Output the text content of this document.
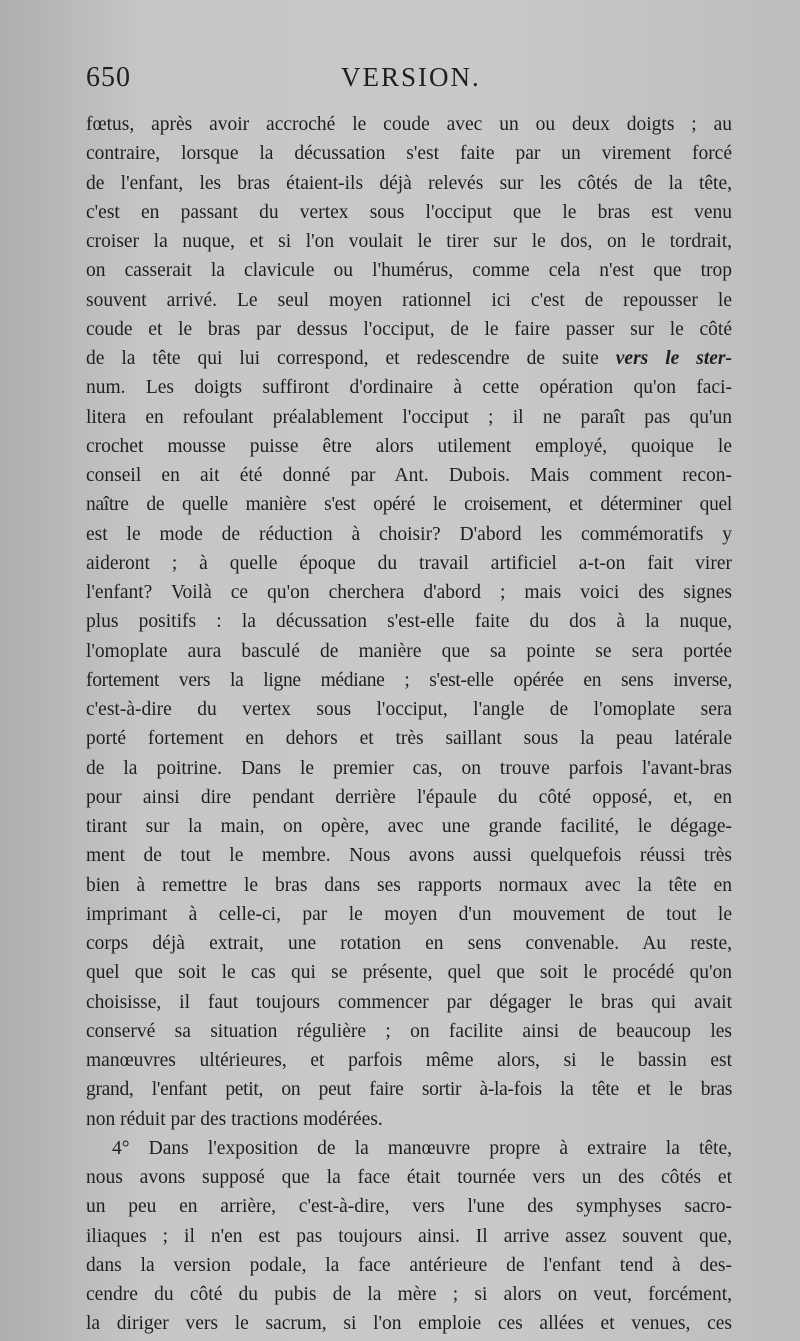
650	VERSION.
fœtus, après avoir accroché le coude avec un ou deux doigts ; au
contraire, lorsque la décussation s'est faite par un virement forcé
de l'enfant, les bras étaient-ils déjà relevés sur les côtés de la tête,
c'est en passant du vertex sous l'occiput que le bras est venu
croiser la nuque, et si l'on voulait le tirer sur le dos, on le tordrait,
on casserait la clavicule ou l'humérus, comme cela n'est que trop
souvent arrivé. Le seul moyen rationnel ici c'est de repousser le
coude et le bras par dessus l'occiput, de le faire passer sur le côté
de la tête qui lui correspond, et redescendre de suite vers le ster-
num. Les doigts suffiront d'ordinaire à cette opération qu'on faci-
litera en refoulant préalablement l'occiput ; il ne paraît pas qu'un
crochet mousse puisse être alors utilement employé, quoique le
conseil en ait été donné par Ant. Dubois. Mais comment recon-
naître de quelle manière s'est opéré le croisement, et déterminer quel
est le mode de réduction à choisir? D'abord les commémoratifs y
aideront ; à quelle époque du travail artificiel a-t-on fait virer
l'enfant? Voilà ce qu'on cherchera d'abord ; mais voici des signes
plus positifs : la décussation s'est-elle faite du dos à la nuque,
l'omoplate aura basculé de manière que sa pointe se sera portée
fortement vers la ligne médiane ; s'est-elle opérée en sens inverse,
c'est-à-dire du vertex sous l'occiput, l'angle de l'omoplate sera
porté fortement en dehors et très saillant sous la peau latérale
de la poitrine. Dans le premier cas, on trouve parfois l'avant-bras
pour ainsi dire pendant derrière l'épaule du côté opposé, et, en
tirant sur la main, on opère, avec une grande facilité, le dégage-
ment de tout le membre. Nous avons aussi quelquefois réussi très
bien à remettre le bras dans ses rapports normaux avec la tête en
imprimant à celle-ci, par le moyen d'un mouvement de tout le
corps déjà extrait, une rotation en sens convenable. Au reste,
quel que soit le cas qui se présente, quel que soit le procédé qu'on
choisisse, il faut toujours commencer par dégager le bras qui avait
conservé sa situation régulière ; on facilite ainsi de beaucoup les
manœuvres ultérieures, et parfois même alors, si le bassin est
grand, l'enfant petit, on peut faire sortir à-la-fois la tête et le bras
non réduit par des tractions modérées.
4° Dans l'exposition de la manœuvre propre à extraire la tête,
nous avons supposé que la face était tournée vers un des côtés et
un peu en arrière, c'est-à-dire, vers l'une des symphyses sacro-
iliaques ; il n'en est pas toujours ainsi. Il arrive assez souvent que,
dans la version podale, la face antérieure de l'enfant tend à des-
cendre du côté du pubis de la mère ; si alors on veut, forcément,
la diriger vers le sacrum, si l'on emploie ces allées et venues, ces
